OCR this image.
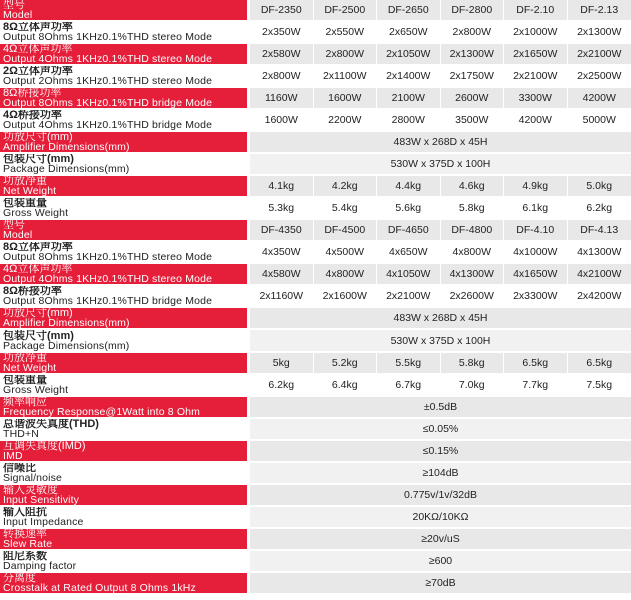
型号
Model	DF-2350	DF-2500	DF-2650	DF-2800	DF-2.10	DF-2.13

8Ω立体声功率
Output 8Ohms 1KHz0.1%THD stereo Mode	2x350W	2x550W	2x650W	2x800W	2x1000W	2x1300W

4Ω立体声功率
Output 4Ohms 1KHz0.1%THD stereo Mode	2x580W	2x800W	2x1050W	2x1300W	2x1650W	2x2100W

2Ω立体声功率
Output 2Ohms 1KHz0.1%THD stereo Mode	2x800W	2x1100W	2x1400W	2x1750W	2x2100W	2x2500W

8Ω桥接功率
Output 8Ohms 1KHz0.1%THD bridge Mode	1160W	1600W	2100W	2600W	3300W	4200W

4Ω桥接功率
Output 4Ohms 1KHz0.1%THD bridge Mode	1600W	2200W	2800W	3500W	4200W	5000W

功放尺寸(mm)
Amplifier Dimensions(mm)	483W x 268D x 45H					

包装尺寸(mm)
Package Dimensions(mm)	530W x 375D x 100H					

功放净重
Net Weight	4.1kg	4.2kg	4.4kg	4.6kg	4.9kg	5.0kg

包装重量
Gross Weight	5.3kg	5.4kg	5.6kg	5.8kg	6.1kg	6.2kg

型号
Model	DF-4350	DF-4500	DF-4650	DF-4800	DF-4.10	DF-4.13

8Ω立体声功率
Output 8Ohms 1KHz0.1%THD stereo Mode	4x350W	4x500W	4x650W	4x800W	4x1000W	4x1300W

4Ω立体声功率
Output 4Ohms 1KHz0.1%THD stereo Mode	4x580W	4x800W	4x1050W	4x1300W	4x1650W	4x2100W

8Ω桥接功率
Output 8Ohms 1KHz0.1%THD bridge Mode	2x1160W	2x1600W	2x2100W	2x2600W	2x3300W	2x4200W

功放尺寸(mm)
Amplifier Dimensions(mm)	483W x 268D x 45H					

包装尺寸(mm)
Package Dimensions(mm)	530W x 375D x 100H					

功放净重
Net Weight	5kg	5.2kg	5.5kg	5.8kg	6.5kg	6.5kg

包装重量
Gross Weight	6.2kg	6.4kg	6.7kg	7.0kg	7.7kg	7.5kg

频率响应
Frequency Response@1Watt into 8 Ohm	±0.5dB					

总谐波失真度(THD)
THD+N	≤0.05%					

互调失真度(IMD)
IMD	≤0.15%					

信噪比
Signal/noise	≥104dB					

输入灵敏度
Input Sensitivity	0.775v/1v/32dB					

输入阻抗
Input Impedance	20KΩ/10KΩ					

转换速率
Slew Rate	≥20v/uS					

阻尼系数
Damping factor	≥600					

分离度
Crosstalk at Rated Output 8 Ohms 1kHz	≥70dB					
